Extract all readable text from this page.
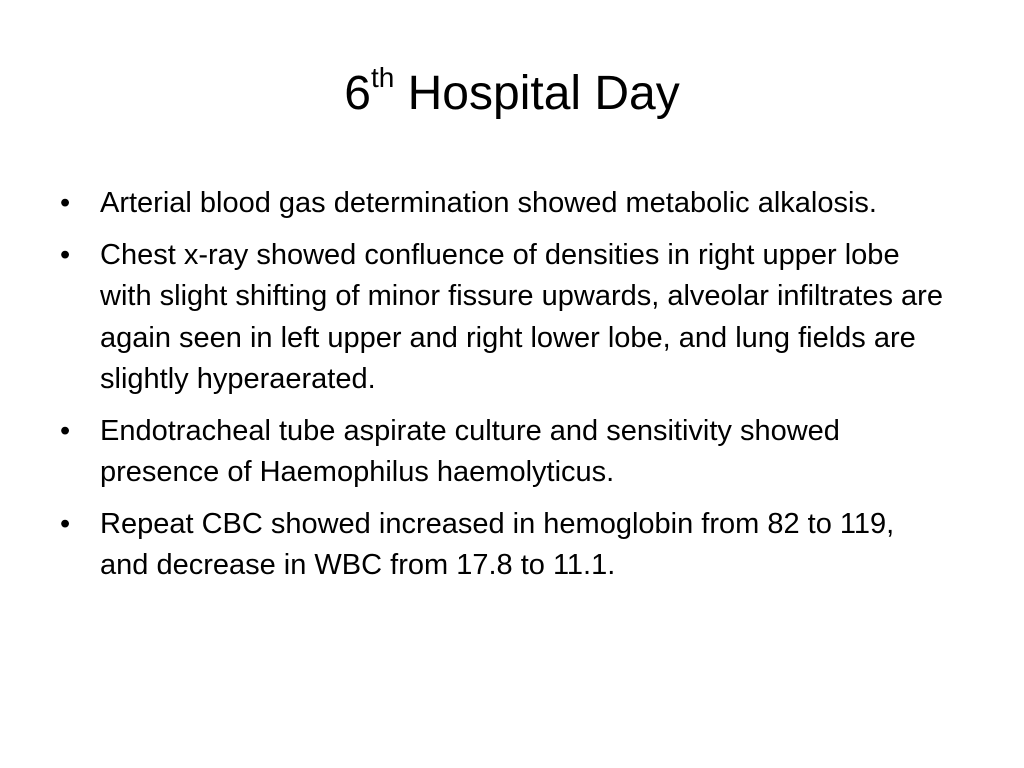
6th Hospital Day
• Arterial blood gas determination showed metabolic alkalosis.
• Chest x-ray showed confluence of densities in right upper lobe with slight shifting of minor fissure upwards, alveolar infiltrates are again seen in left upper and right lower lobe, and lung fields are slightly hyperaerated.
• Endotracheal tube aspirate culture and sensitivity showed presence of Haemophilus haemolyticus.
• Repeat CBC showed increased in hemoglobin from 82 to 119, and decrease in WBC from 17.8 to 11.1.
